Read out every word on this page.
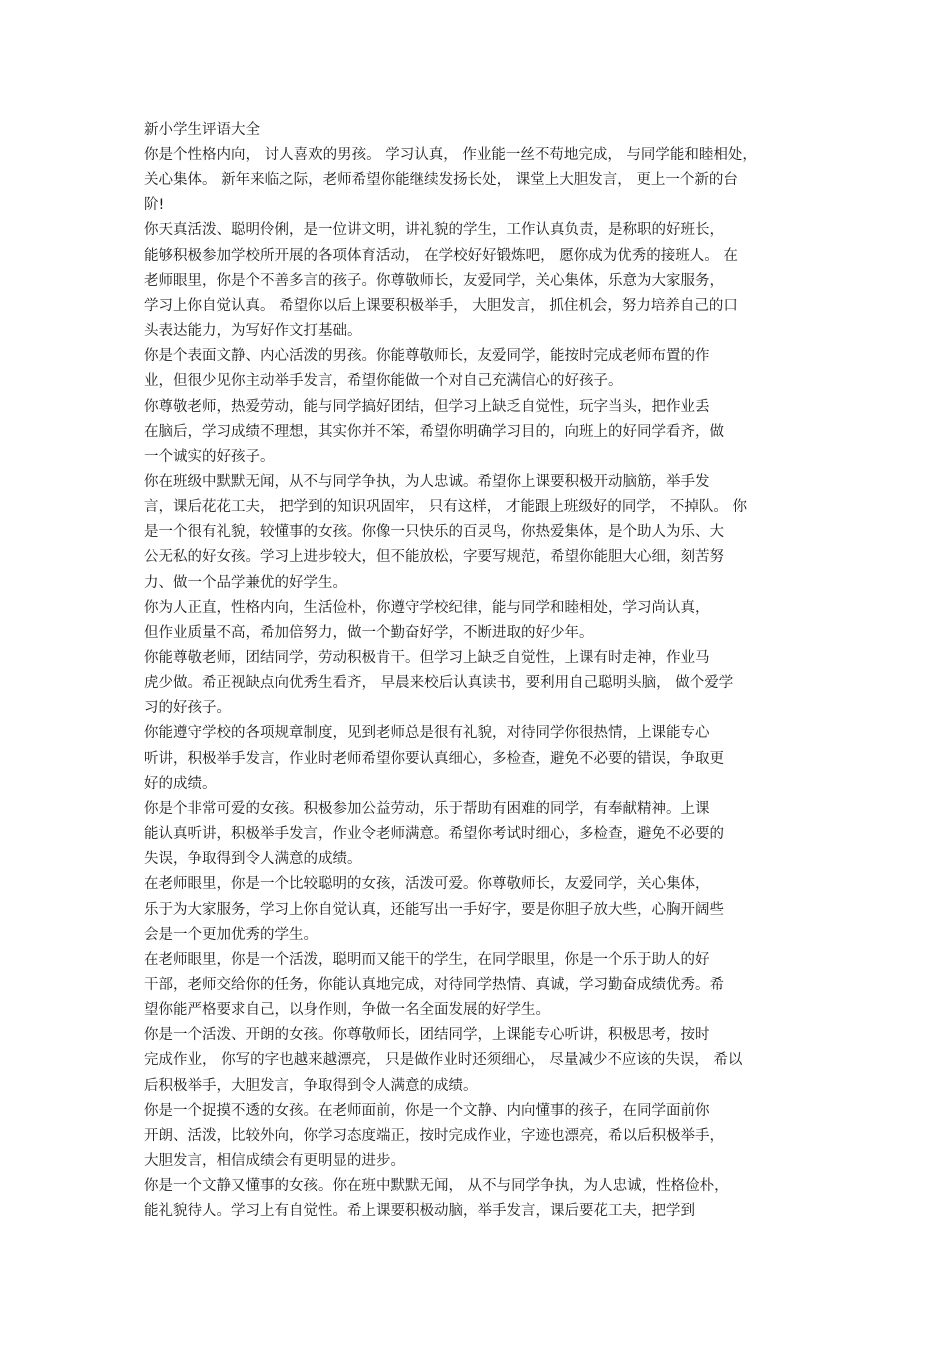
新小学生评语大全
你是个性格内向， 讨人喜欢的男孩。 学习认真， 作业能一丝不苟地完成， 与同学能和睦相处，
关心集体。 新年来临之际，老师希望你能继续发扬长处， 课堂上大胆发言， 更上一个新的台
阶!
你天真活泼、聪明伶俐，是一位讲文明，讲礼貌的学生，工作认真负责，是称职的好班长，
能够积极参加学校所开展的各项体育活动， 在学校好好锻炼吧， 愿你成为优秀的接班人。 在
老师眼里，你是个不善多言的孩子。你尊敬师长，友爱同学，关心集体，乐意为大家服务，
学习上你自觉认真。 希望你以后上课要积极举手， 大胆发言， 抓住机会，努力培养自己的口
头表达能力，为写好作文打基础。
你是个表面文静、内心活泼的男孩。你能尊敬师长，友爱同学，能按时完成老师布置的作
业，但很少见你主动举手发言，希望你能做一个对自己充满信心的好孩子。
你尊敬老师，热爱劳动，能与同学搞好团结，但学习上缺乏自觉性，玩字当头，把作业丢
在脑后，学习成绩不理想，其实你并不笨，希望你明确学习目的，向班上的好同学看齐，做
一个诚实的好孩子。
你在班级中默默无闻，从不与同学争执，为人忠诚。希望你上课要积极开动脑筋，举手发
言，课后花花工夫， 把学到的知识巩固牢， 只有这样， 才能跟上班级好的同学， 不掉队。 你
是一个很有礼貌，较懂事的女孩。你像一只快乐的百灵鸟，你热爱集体，是个助人为乐、大
公无私的好女孩。学习上进步较大，但不能放松，字要写规范，希望你能胆大心细，刻苦努
力、做一个品学兼优的好学生。
你为人正直，性格内向，生活俭朴，你遵守学校纪律，能与同学和睦相处，学习尚认真，
但作业质量不高，希加倍努力，做一个勤奋好学，不断进取的好少年。
你能尊敬老师，团结同学，劳动积极肯干。但学习上缺乏自觉性，上课有时走神，作业马
虎少做。希正视缺点向优秀生看齐， 早晨来校后认真读书，要利用自己聪明头脑， 做个爱学
习的好孩子。
你能遵守学校的各项规章制度，见到老师总是很有礼貌，对待同学你很热情，上课能专心
听讲，积极举手发言，作业时老师希望你要认真细心，多检查，避免不必要的错误，争取更
好的成绩。
你是个非常可爱的女孩。积极参加公益劳动，乐于帮助有困难的同学，有奉献精神。上课
能认真听讲，积极举手发言，作业令老师满意。希望你考试时细心，多检查，避免不必要的
失误，争取得到令人满意的成绩。
在老师眼里，你是一个比较聪明的女孩，活泼可爱。你尊敬师长，友爱同学，关心集体，
乐于为大家服务，学习上你自觉认真，还能写出一手好字，要是你胆子放大些，心胸开阔些
会是一个更加优秀的学生。
在老师眼里，你是一个活泼，聪明而又能干的学生，在同学眼里，你是一个乐于助人的好
干部，老师交给你的任务，你能认真地完成，对待同学热情、真诚，学习勤奋成绩优秀。希
望你能严格要求自己，以身作则，争做一名全面发展的好学生。
你是一个活泼、开朗的女孩。你尊敬师长，团结同学，上课能专心听讲，积极思考，按时
完成作业， 你写的字也越来越漂亮， 只是做作业时还须细心， 尽量减少不应该的失误， 希以
后积极举手，大胆发言，争取得到令人满意的成绩。
你是一个捉摸不透的女孩。在老师面前，你是一个文静、内向懂事的孩子，在同学面前你
开朗、活泼，比较外向，你学习态度端正，按时完成作业，字迹也漂亮，希以后积极举手，
大胆发言，相信成绩会有更明显的进步。
你是一个文静又懂事的女孩。你在班中默默无闻， 从不与同学争执，为人忠诚，性格俭朴，
能礼貌待人。学习上有自觉性。希上课要积极动脑，举手发言，课后要花工夫，把学到
